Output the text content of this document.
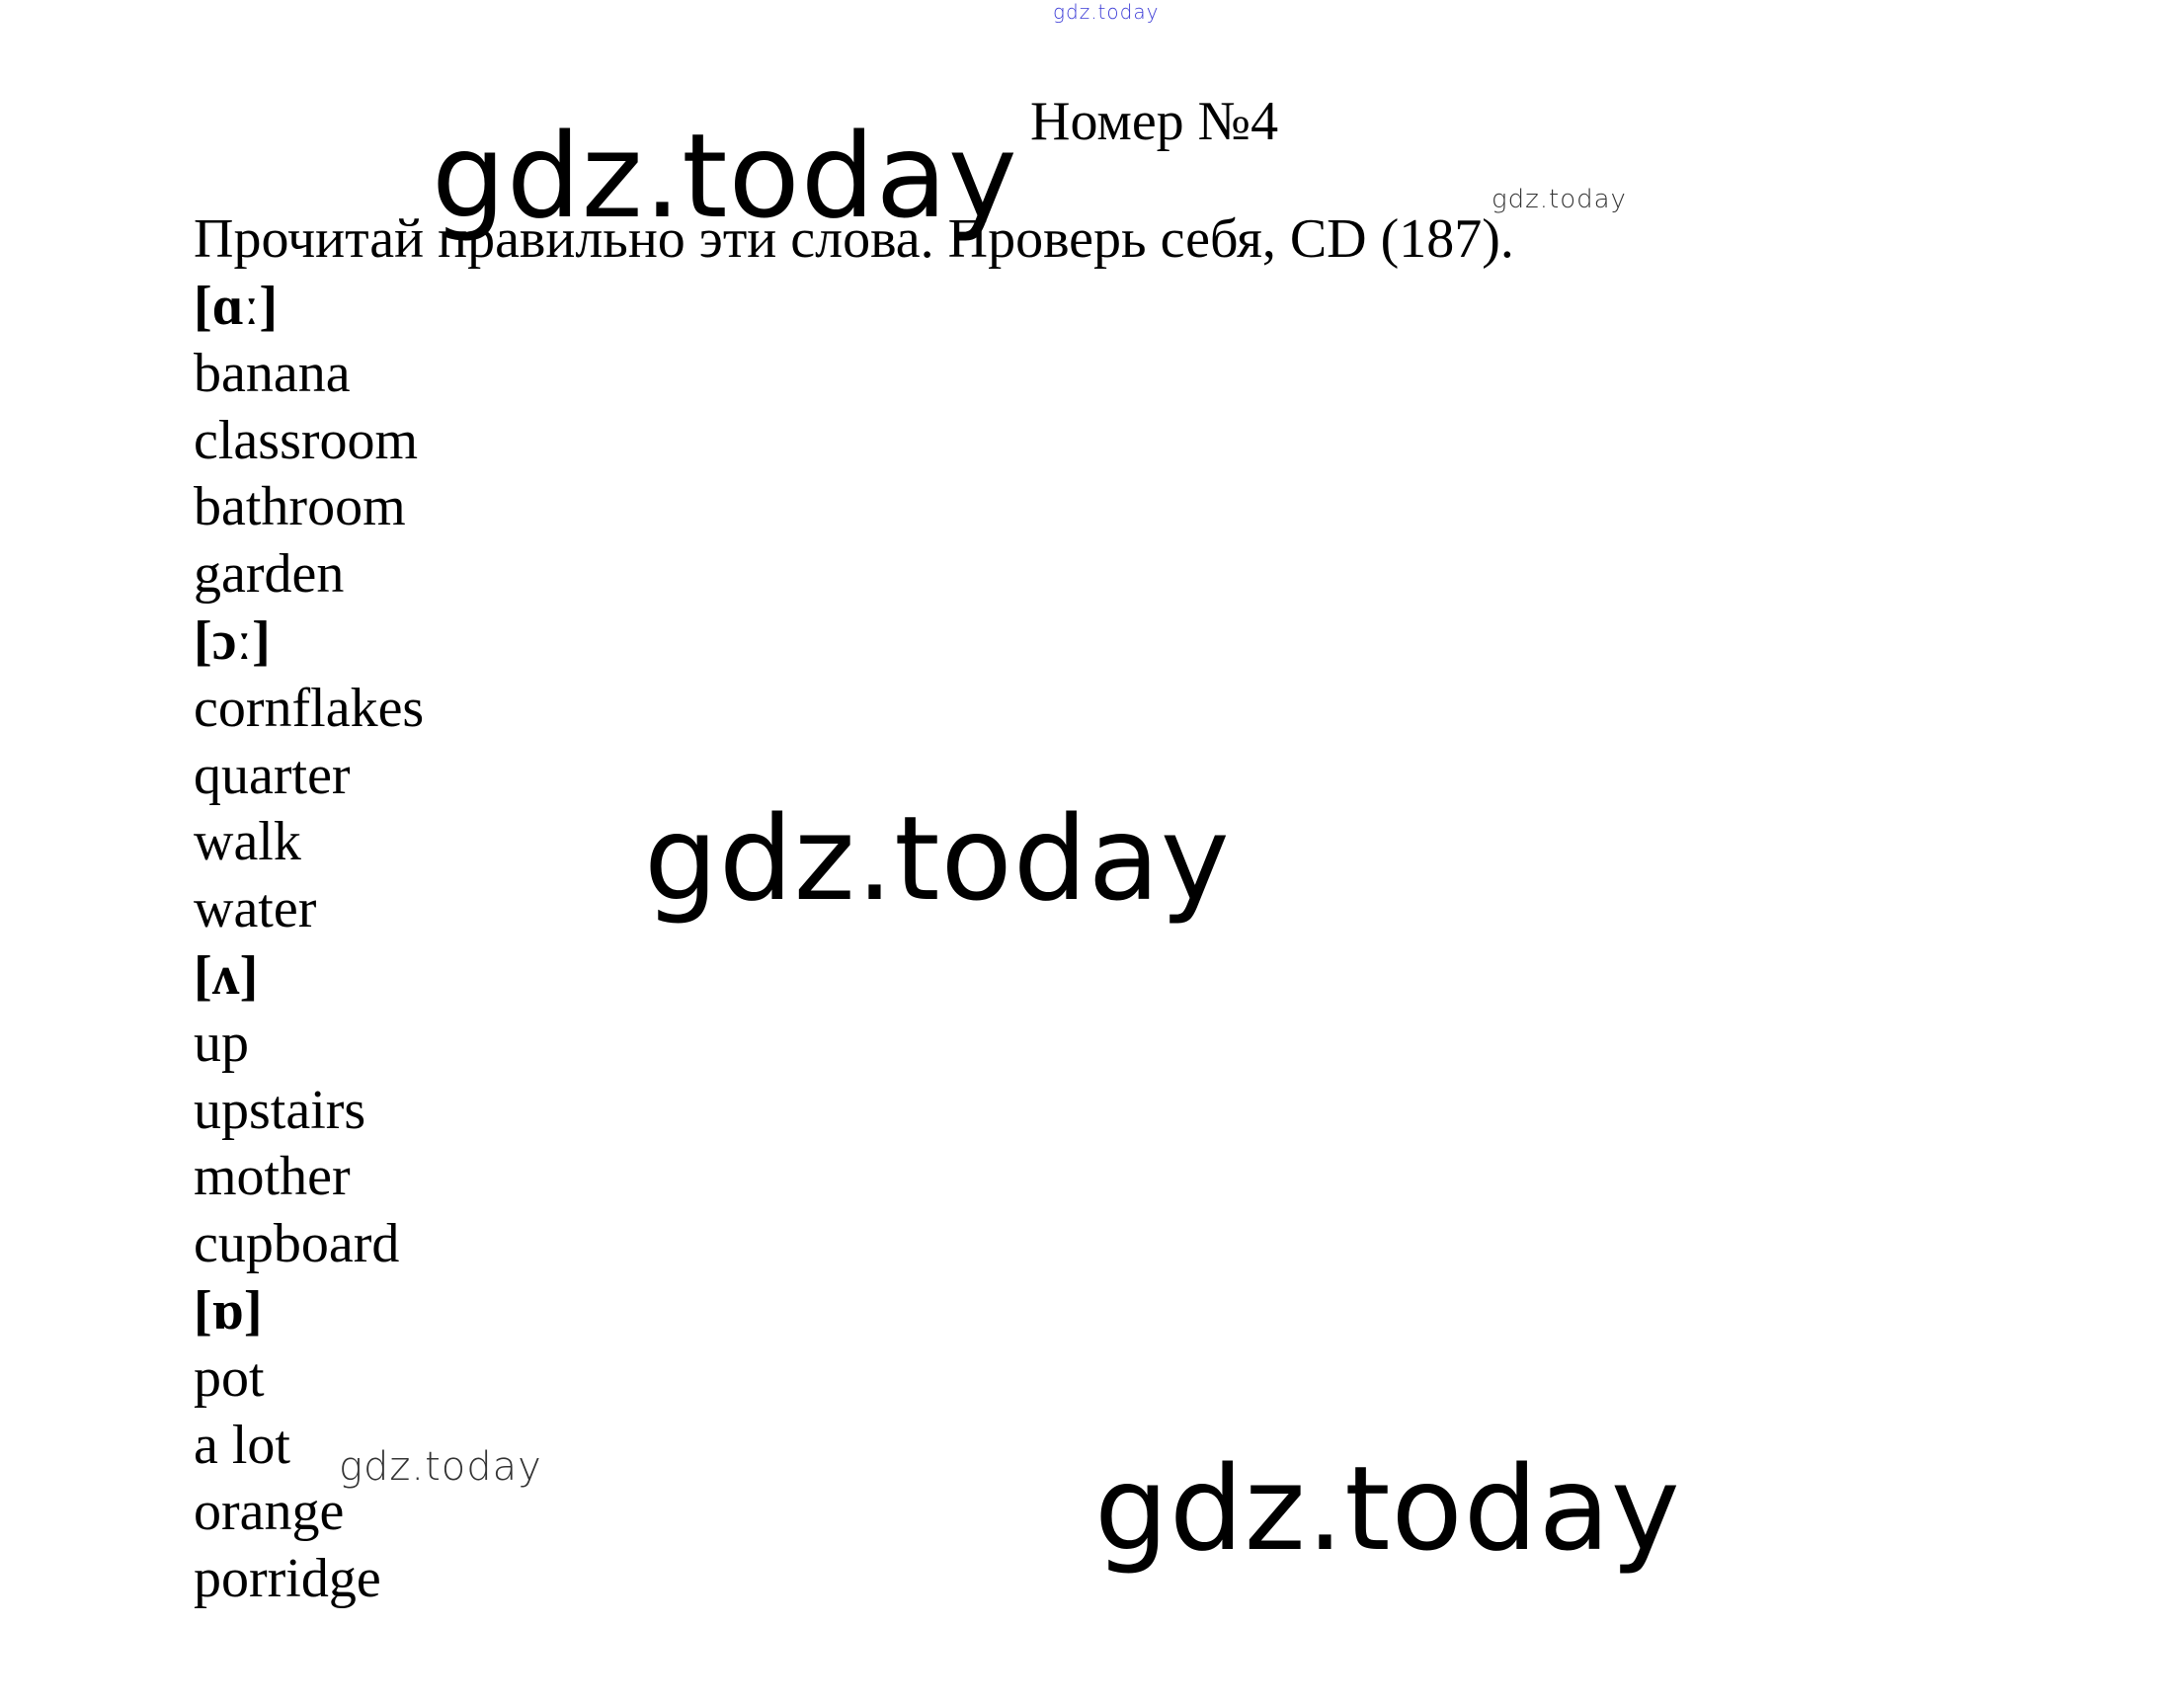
gdz.today
gdz.today	gdz.today
Номер №4
Прочитай правильно эти слова. Проверь себя, CD (187).
[ɑː]
banana
classroom
bathroom
garden
[ɔː]
cornflakes
quarter
walk
water
[ʌ]
up
upstairs
mother
cupboard
[ɒ]
pot
a lot
orange
porridge
gdz.today
gdz.today	gdz.today
